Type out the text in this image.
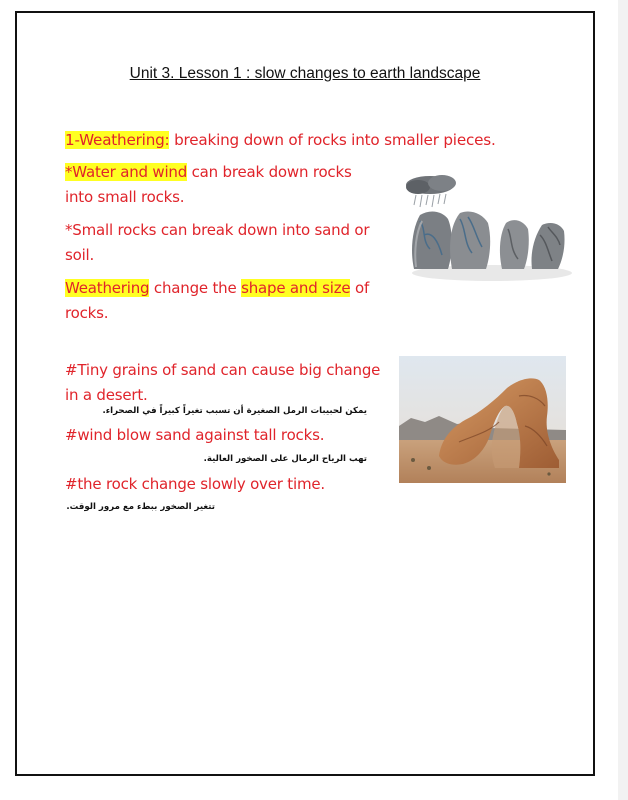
Unit 3. Lesson 1 : slow changes to earth landscape
1-Weathering: breaking down of rocks into smaller pieces.
*Water and wind can break down rocks
into small rocks.
*Small rocks can break down into sand or
soil.
Weathering change the shape and size of
rocks.
#Tiny grains of sand can cause big change
in a desert.
يمكن لحبيبات الرمل الصغيرة أن تسبب تغيراً كبيراً في الصحراء.
#wind blow sand against tall rocks.
تهب الرياح الرمال على الصخور العالية.
#the rock change slowly over time.
تتغير الصخور ببطء مع مرور الوقت.
